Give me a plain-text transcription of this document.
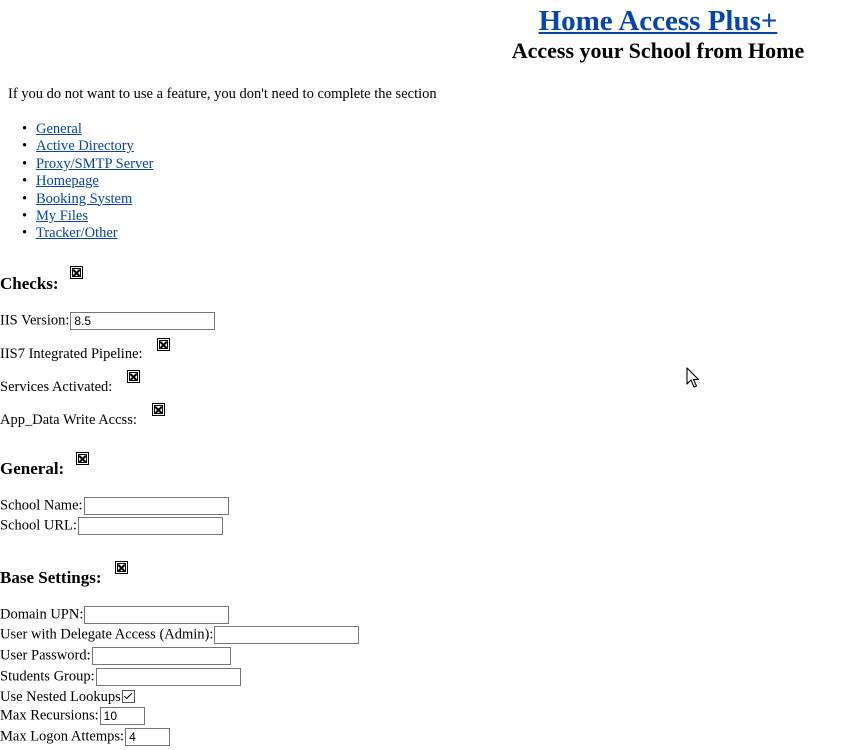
Home Access Plus+
Access your School from Home
If you do not want to use a feature, you don't need to complete the section
• General
• Active Directory
• Proxy/SMTP Server
• Homepage
• Booking System
• My Files
• Tracker/Other
Checks:
IIS Version:8.5
IIS7 Integrated Pipeline:
Services Activated:
App_Data Write Accss:
General:
School Name:
School URL:
Base Settings:
Domain UPN:
User with Delegate Access (Admin):
User Password:
Students Group:
Use Nested Lookups
Max Recursions:10
Max Logon Attemps:4
